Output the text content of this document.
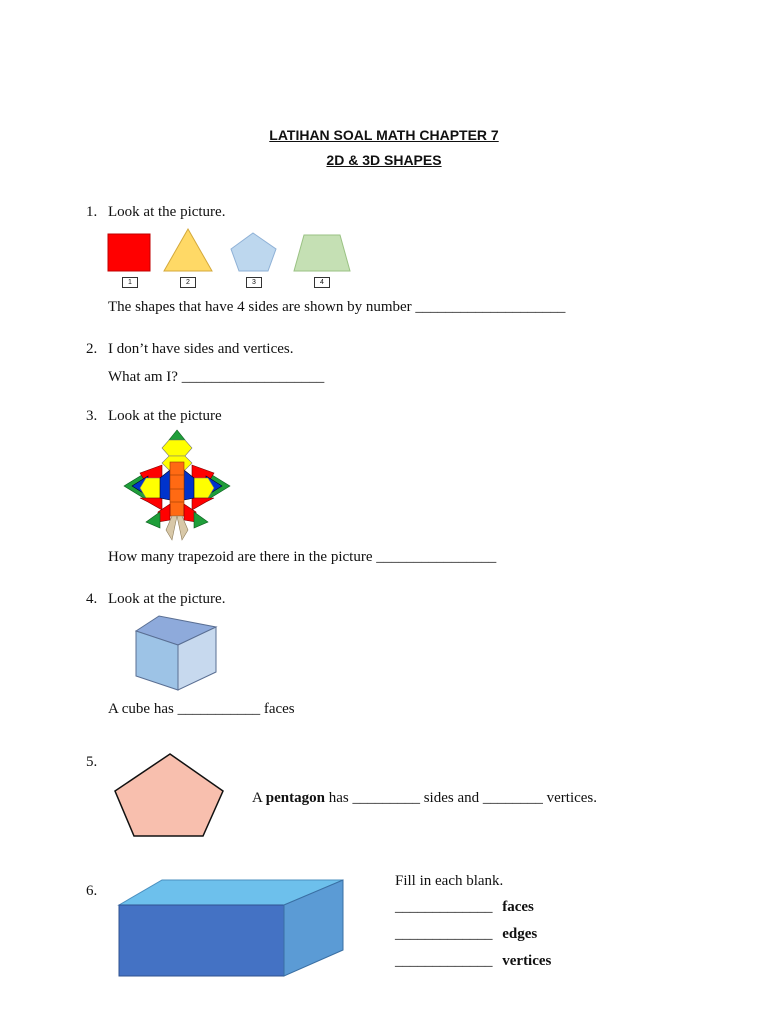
LATIHAN SOAL MATH CHAPTER 7
2D & 3D SHAPES
1. Look at the picture.
1	2	3	4
The shapes that have 4 sides are shown by number ____________________
2. I don’t have sides and vertices.
What am I? ___________________
3. Look at the picture
How many trapezoid are there in the picture ________________
4. Look at the picture.
A cube has ___________ faces
5.
A pentagon has _________ sides and ________ vertices.
6.
Fill in each blank.
_____________ faces
_____________ edges
_____________ vertices
